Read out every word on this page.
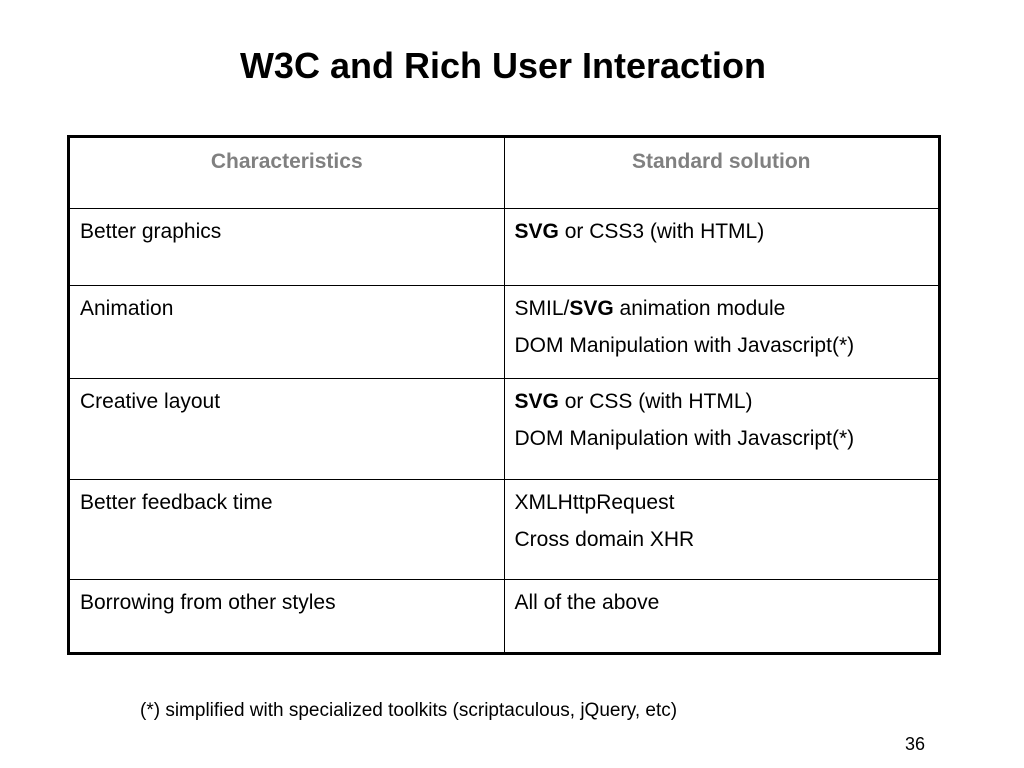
W3C and Rich User Interaction
Characteristics	Standard solution
Better graphics	SVG or CSS3 (with HTML)

Animation	SMIL/SVG animation module
DOM Manipulation with Javascript(*)

Creative layout	SVG or CSS (with HTML)
DOM Manipulation with Javascript(*)

Better feedback time	XMLHttpRequest
Cross domain XHR

Borrowing from other styles	All of the above
(*) simplified with specialized toolkits (scriptaculous, jQuery, etc)
36
